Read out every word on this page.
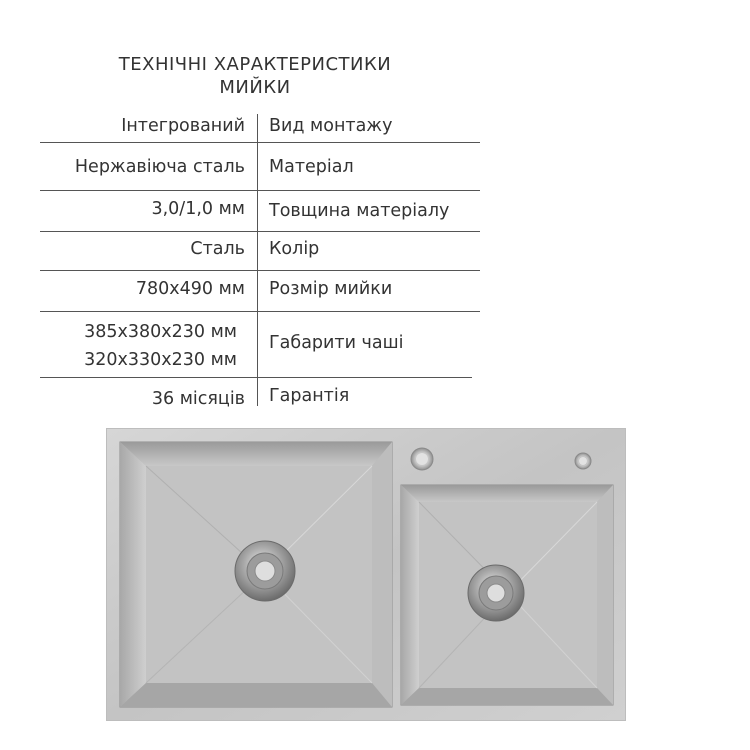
ТЕХНІЧНІ ХАРАКТЕРИСТИКИ
МИЙКИ
Інтегрований Вид монтажу
Нержавіюча сталь Матеріал
3,0/1,0 мм Товщина матеріалу
Сталь Колір
780х490 мм Розмір мийки
385х380х230 мм
320х330х230 мм
Габарити чаші
36 місяців Гарантія
